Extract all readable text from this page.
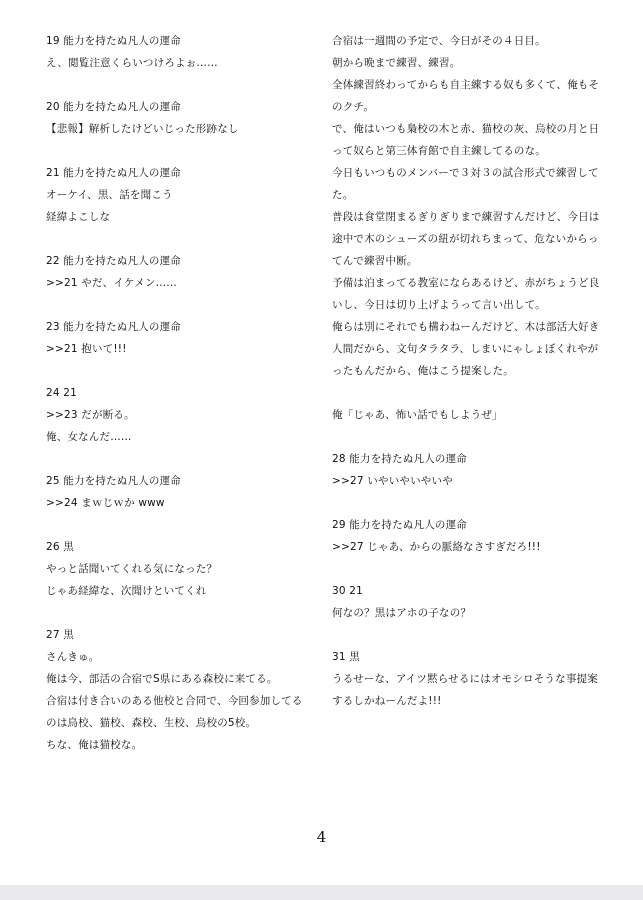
19 能力を持たぬ凡人の運命

え、閲覧注意くらいつけろよぉ……

20 能力を持たぬ凡人の運命

【悲報】解析したけどいじった形跡なし

21 能力を持たぬ凡人の運命

オーケイ、黒、話を聞こう

経緯よこしな

22 能力を持たぬ凡人の運命

>>21 やだ、イケメン……

23 能力を持たぬ凡人の運命

>>21 抱いて!!!

24 21

>>23 だが断る。

俺、女なんだ……

25 能力を持たぬ凡人の運命

>>24 まｗじｗか www

26 黒

やっと話聞いてくれる気になった？

じゃあ経緯な、次聞けといてくれ

27 黒

さんきゅ。

俺は今、部活の合宿でS県にある森校に来てる。

合宿は付き合いのある他校と合同で、今回参加してるのは鳥校、猫校、森校、生校、烏校の5校。

ちな、俺は猫校な。

合宿は一週間の予定で、今日がその４日目。

朝から晩まで練習、練習。

全体練習終わってからも自主練する奴も多くて、俺もそのクチ。

で、俺はいつも梟校の木と赤、猫校の灰、烏校の月と日って奴らと第三体育館で自主練してるのな。

今日もいつものメンバーで３対３の試合形式で練習してた。

普段は食堂閉まるぎりぎりまで練習すんだけど、今日は途中で木のシューズの紐が切れちまって、危ないからってんで練習中断。

予備は泊まってる教室にならあるけど、赤がちょうど良いし、今日は切り上げようって言い出して。

俺らは別にそれでも構わねーんだけど、木は部活大好き人間だから、文句タラタラ、しまいにゃしょぼくれやがったもんだから、俺はこう提案した。

俺「じゃあ、怖い話でもしようぜ」

28 能力を持たぬ凡人の運命

>>27 いやいやいやいや

29 能力を持たぬ凡人の運命

>>27 じゃあ、からの脈絡なさすぎだろ!!!

30 21

何なの？黒はアホの子なの？

31 黒

うるせーな、アイツ黙らせるにはオモシロそうな事提案するしかねーんだよ!!!

4
